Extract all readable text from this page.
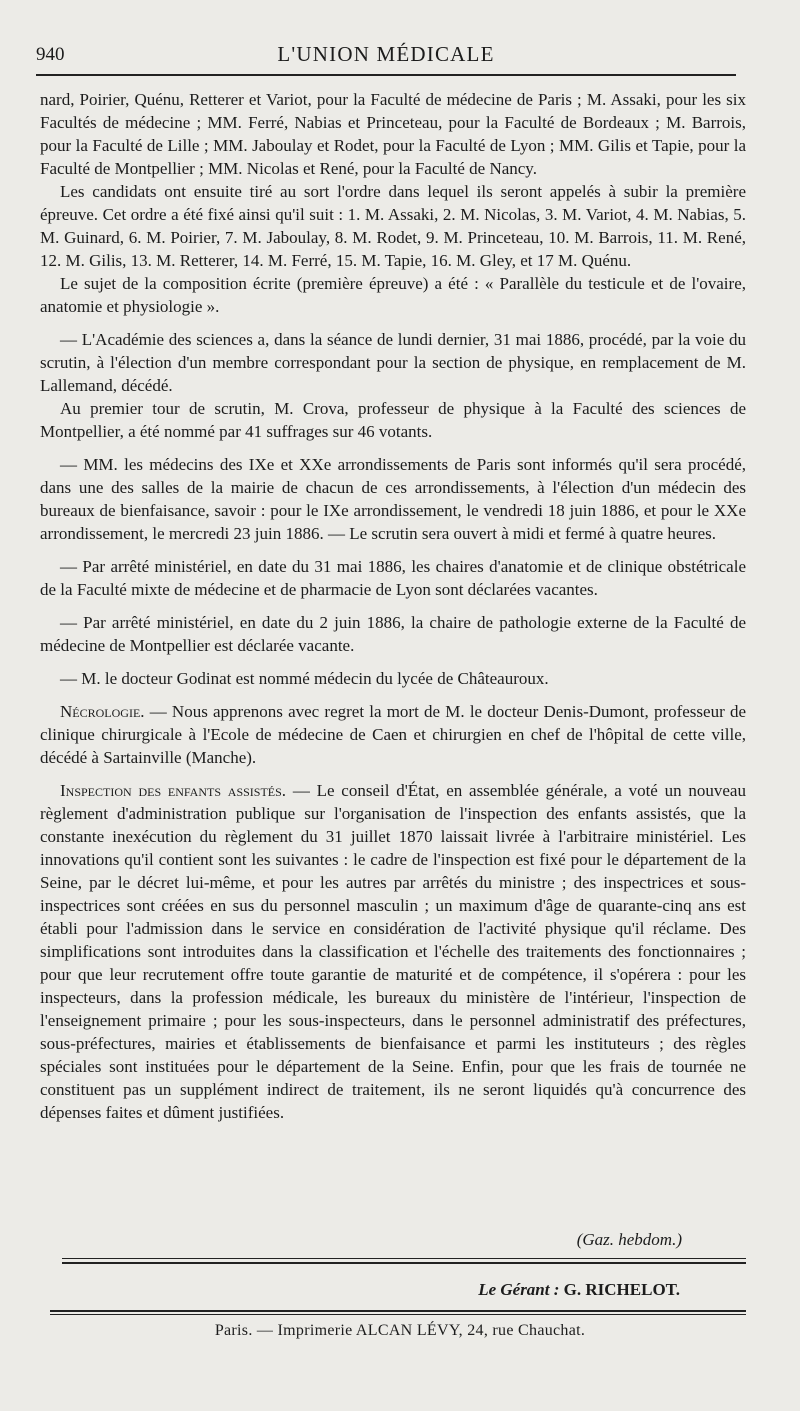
940	L'UNION MÉDICALE

nard, Poirier, Quénu, Retterer et Variot, pour la Faculté de médecine de Paris ; M. Assaki, pour les six Facultés de médecine ; MM. Ferré, Nabias et Princeteau, pour la Faculté de Bordeaux ; M. Barrois, pour la Faculté de Lille ; MM. Jaboulay et Rodet, pour la Faculté de Lyon ; MM. Gilis et Tapie, pour la Faculté de Montpellier ; MM. Nicolas et René, pour la Faculté de Nancy.

Les candidats ont ensuite tiré au sort l'ordre dans lequel ils seront appelés à subir la première épreuve. Cet ordre a été fixé ainsi qu'il suit : 1. M. Assaki, 2. M. Nicolas, 3. M. Variot, 4. M. Nabias, 5. M. Guinard, 6. M. Poirier, 7. M. Jaboulay, 8. M. Rodet, 9. M. Princeteau, 10. M. Barrois, 11. M. René, 12. M. Gilis, 13. M. Retterer, 14. M. Ferré, 15. M. Tapie, 16. M. Gley, et 17 M. Quénu.

Le sujet de la composition écrite (première épreuve) a été : « Parallèle du testicule et de l'ovaire, anatomie et physiologie ».

— L'Académie des sciences a, dans la séance de lundi dernier, 31 mai 1886, procédé, par la voie du scrutin, à l'élection d'un membre correspondant pour la section de physique, en remplacement de M. Lallemand, décédé.

Au premier tour de scrutin, M. Crova, professeur de physique à la Faculté des sciences de Montpellier, a été nommé par 41 suffrages sur 46 votants.

— MM. les médecins des IXe et XXe arrondissements de Paris sont informés qu'il sera procédé, dans une des salles de la mairie de chacun de ces arrondissements, à l'élection d'un médecin des bureaux de bienfaisance, savoir : pour le IXe arrondissement, le vendredi 18 juin 1886, et pour le XXe arrondissement, le mercredi 23 juin 1886. — Le scrutin sera ouvert à midi et fermé à quatre heures.

— Par arrêté ministériel, en date du 31 mai 1886, les chaires d'anatomie et de clinique obstétricale de la Faculté mixte de médecine et de pharmacie de Lyon sont déclarées vacantes.

— Par arrêté ministériel, en date du 2 juin 1886, la chaire de pathologie externe de la Faculté de médecine de Montpellier est déclarée vacante.

— M. le docteur Godinat est nommé médecin du lycée de Châteauroux.

Nécrologie. — Nous apprenons avec regret la mort de M. le docteur Denis-Dumont, professeur de clinique chirurgicale à l'Ecole de médecine de Caen et chirurgien en chef de l'hôpital de cette ville, décédé à Sartainville (Manche).

Inspection des enfants assistés. — Le conseil d'État, en assemblée générale, a voté un nouveau règlement d'administration publique sur l'organisation de l'inspection des enfants assistés, que la constante inexécution du règlement du 31 juillet 1870 laissait livrée à l'arbitraire ministériel. Les innovations qu'il contient sont les suivantes : le cadre de l'inspection est fixé pour le département de la Seine, par le décret lui-même, et pour les autres par arrêtés du ministre ; des inspectrices et sous-inspectrices sont créées en sus du personnel masculin ; un maximum d'âge de quarante-cinq ans est établi pour l'admission dans le service en considération de l'activité physique qu'il réclame. Des simplifications sont introduites dans la classification et l'échelle des traitements des fonctionnaires ; pour que leur recrutement offre toute garantie de maturité et de compétence, il s'opérera : pour les inspecteurs, dans la profession médicale, les bureaux du ministère de l'intérieur, l'inspection de l'enseignement primaire ; pour les sous-inspecteurs, dans le personnel administratif des préfectures, sous-préfectures, mairies et établissements de bienfaisance et parmi les instituteurs ; des règles spéciales sont instituées pour le département de la Seine. Enfin, pour que les frais de tournée ne constituent pas un supplément indirect de traitement, ils ne seront liquidés qu'à concurrence des dépenses faites et dûment justifiées.

(Gaz. hebdom.)
Le Gérant : G. RICHELOT.
Paris. — Imprimerie ALCAN LÉVY, 24, rue Chauchat.
